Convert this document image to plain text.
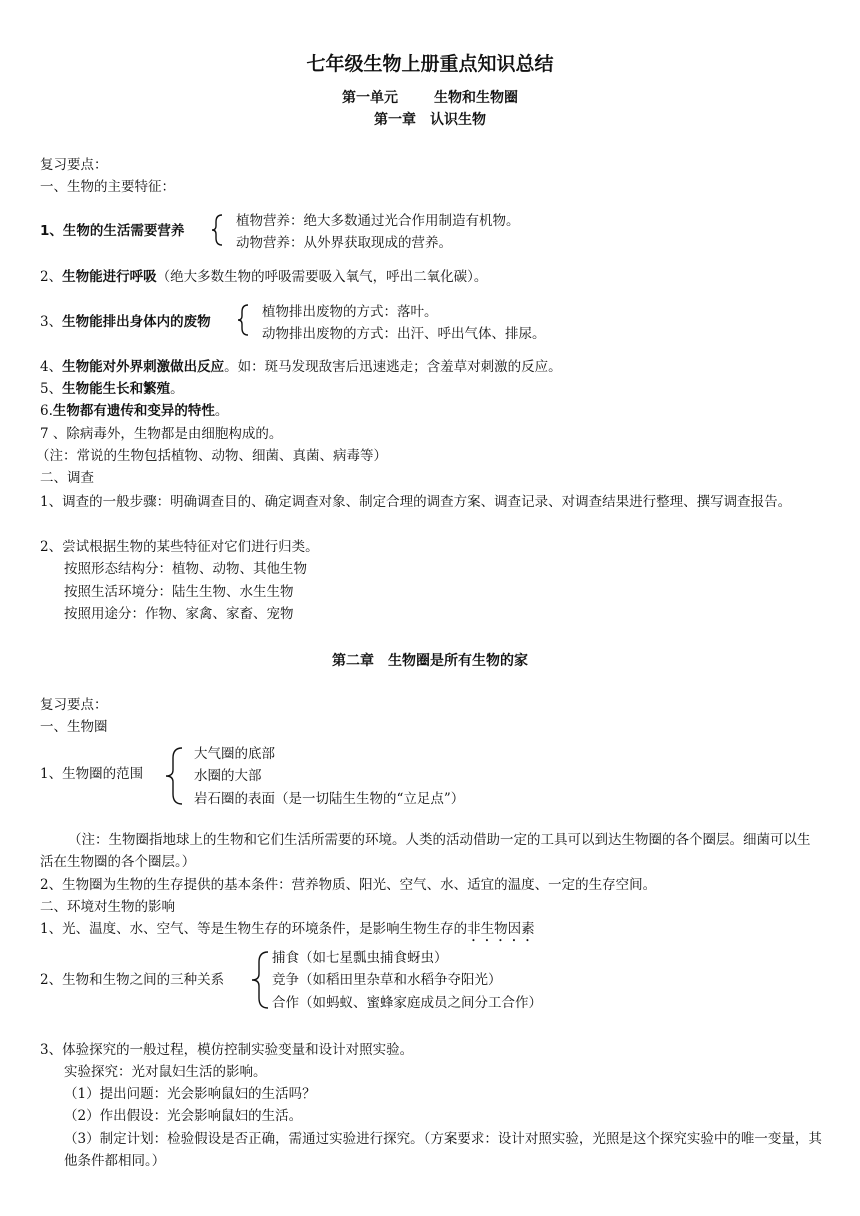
七年级生物上册重点知识总结
第一单元	生物和生物圈
第一章 认识生物
复习要点：
一、生物的主要特征：
1、生物的生活需要营养
植物营养：绝大多数通过光合作用制造有机物。
动物营养：从外界获取现成的营养。
2、生物能进行呼吸（绝大多数生物的呼吸需要吸入氧气，呼出二氧化碳）。
3、生物能排出身体内的废物
植物排出废物的方式：落叶。
动物排出废物的方式：出汗、呼出气体、排尿。
4、生物能对外界刺激做出反应。如：斑马发现敌害后迅速逃走；含羞草对刺激的反应。
5、生物能生长和繁殖。
6.生物都有遗传和变异的特性。
7 、除病毒外，生物都是由细胞构成的。
（注：常说的生物包括植物、动物、细菌、真菌、病毒等）
二、调查
1、调查的一般步骤：明确调查目的、确定调查对象、制定合理的调查方案、调查记录、对调查结果进行整理、撰写调查报告。
2、尝试根据生物的某些特征对它们进行归类。
按照形态结构分：植物、动物、其他生物
按照生活环境分：陆生生物、水生生物
按照用途分：作物、家禽、家畜、宠物
第二章 生物圈是所有生物的家
复习要点：
一、生物圈
1、生物圈的范围
大气圈的底部
水圈的大部
岩石圈的表面（是一切陆生生物的“立足点”）
（注：生物圈指地球上的生物和它们生活所需要的环境。人类的活动借助一定的工具可以到达生物圈的各个圈层。细菌可以生活在生物圈的各个圈层。）
2、生物圈为生物的生存提供的基本条件：营养物质、阳光、空气、水、适宜的温度、一定的生存空间。
二、环境对生物的影响
1、光、温度、水、空气、等是生物生存的环境条件，是影响生物生存的非生物因素
2、生物和生物之间的三种关系
捕食（如七星瓢虫捕食蚜虫）
竞争（如稻田里杂草和水稻争夺阳光）
合作（如蚂蚁、蜜蜂家庭成员之间分工合作）
3、体验探究的一般过程，模仿控制实验变量和设计对照实验。
实验探究：光对鼠妇生活的影响。
（1）提出问题：光会影响鼠妇的生活吗？
（2）作出假设：光会影响鼠妇的生活。
（3）制定计划：检验假设是否正确，需通过实验进行探究。（方案要求：设计对照实验，光照是这个探究实验中的唯一变量，其他条件都相同。）
